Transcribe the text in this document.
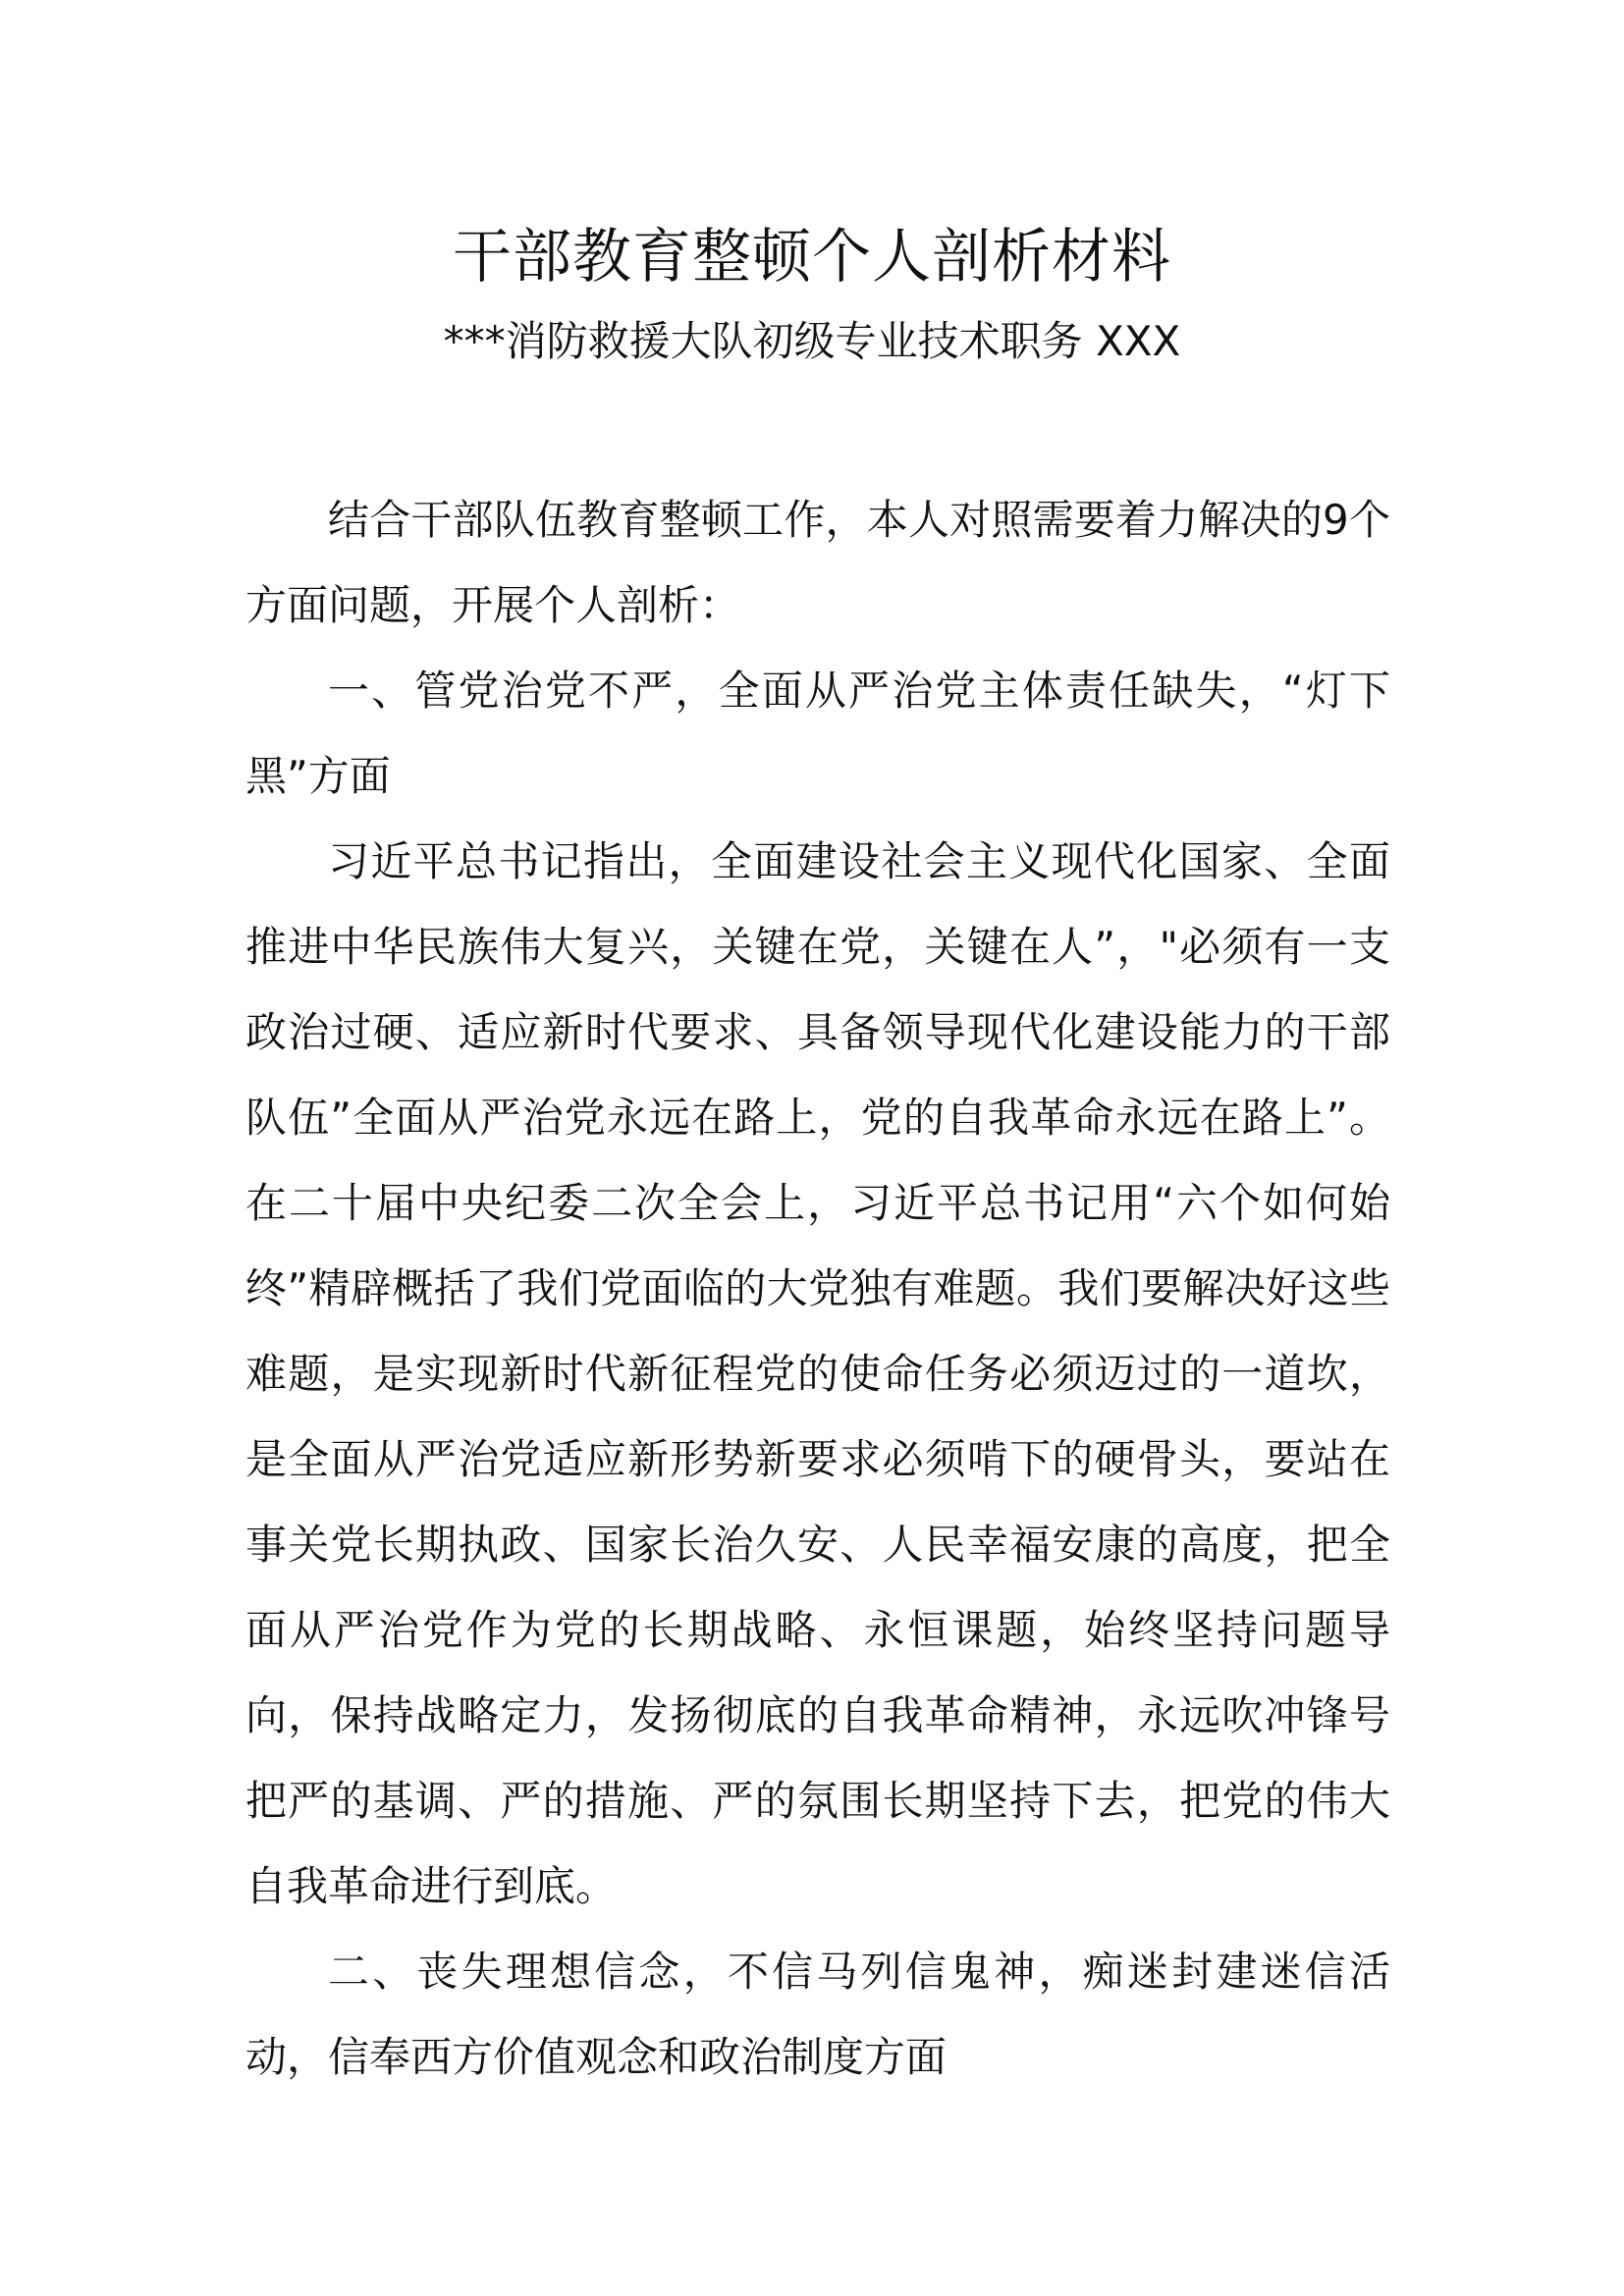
干部教育整顿个人剖析材料
***消防救援大队初级专业技术职务 XXX

结合干部队伍教育整顿工作，本人对照需要着力解决的9个方面问题，开展个人剖析：

一、管党治党不严，全面从严治党主体责任缺失，“灯下黑”方面

习近平总书记指出，全面建设社会主义现代化国家、全面推进中华民族伟大复兴，关键在党，关键在人”，"必须有一支政治过硬、适应新时代要求、具备领导现代化建设能力的干部队伍”全面从严治党永远在路上，党的自我革命永远在路上”。在二十届中央纪委二次全会上，习近平总书记用“六个如何始终”精辟概括了我们党面临的大党独有难题。我们要解决好这些难题，是实现新时代新征程党的使命任务必须迈过的一道坎，是全面从严治党适应新形势新要求必须啃下的硬骨头，要站在事关党长期执政、国家长治久安、人民幸福安康的高度，把全面从严治党作为党的长期战略、永恒课题，始终坚持问题导向，保持战略定力，发扬彻底的自我革命精神，永远吹冲锋号把严的基调、严的措施、严的氛围长期坚持下去，把党的伟大自我革命进行到底。

二、丧失理想信念，不信马列信鬼神，痴迷封建迷信活动，信奉西方价值观念和政治制度方面
